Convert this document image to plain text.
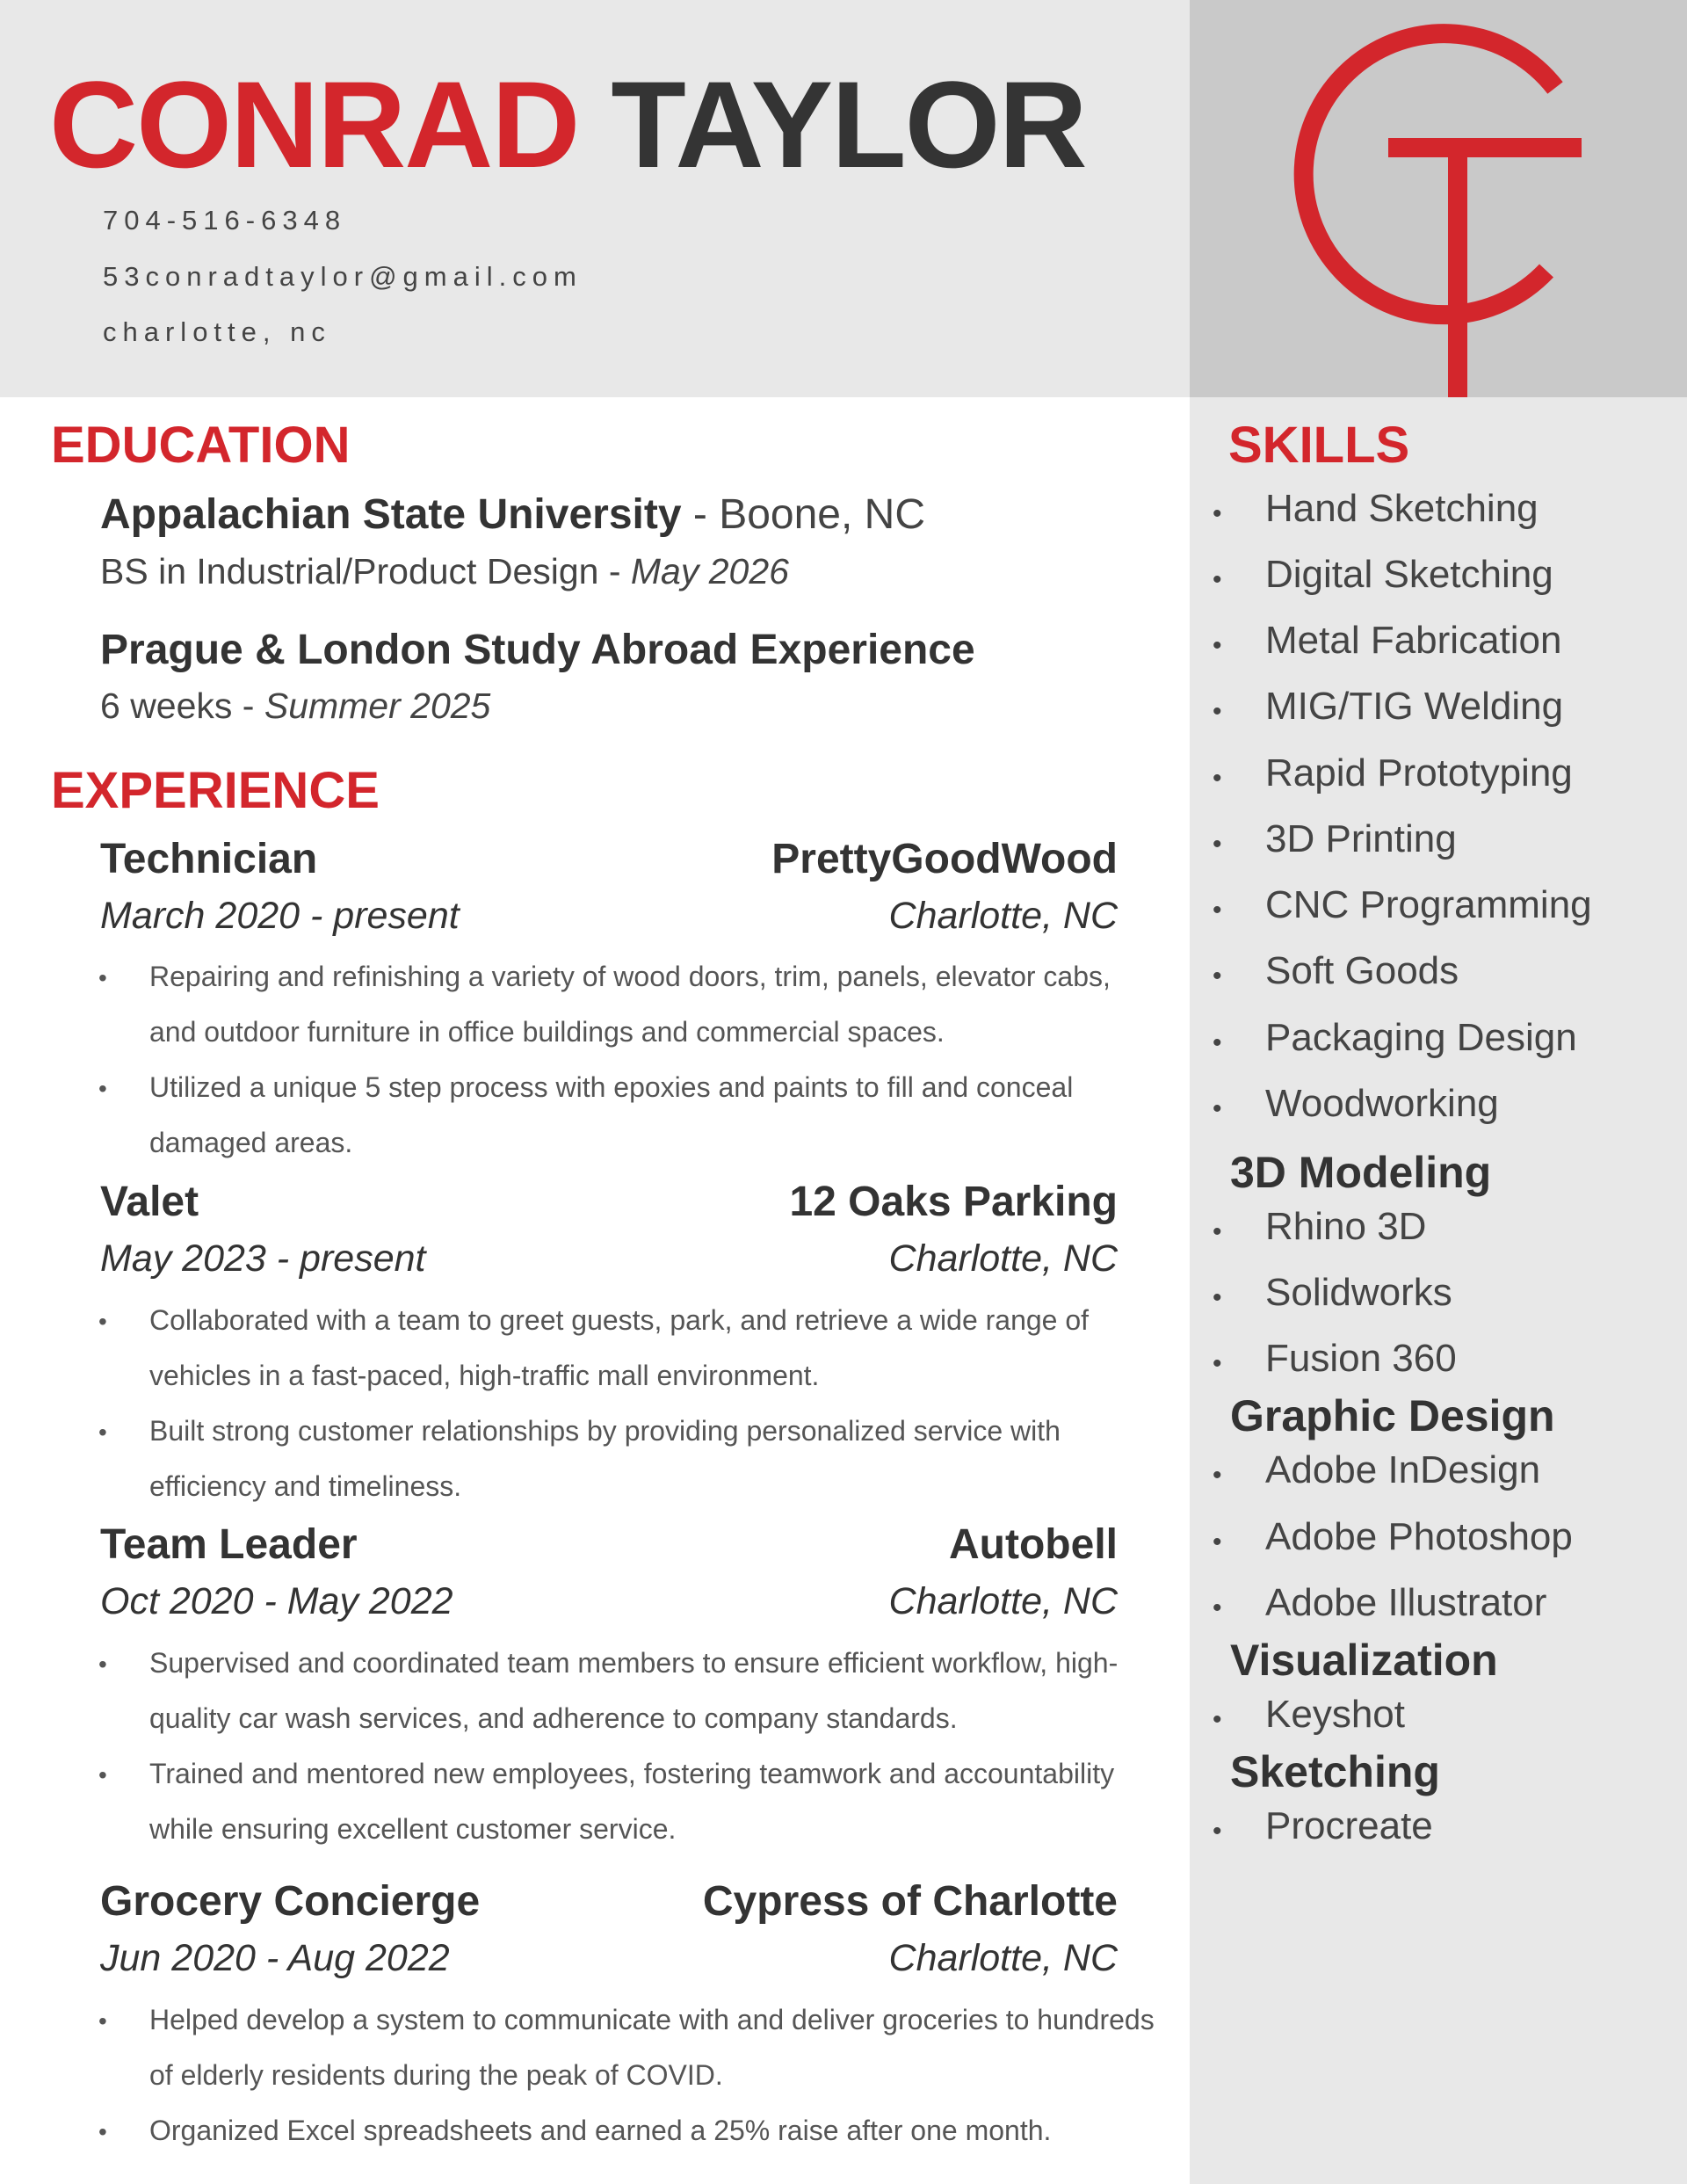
CONRAD TAYLOR
704-516-6348
53conradtaylor@gmail.com
charlotte, nc
EDUCATION
Appalachian State University - Boone, NC
BS in Industrial/Product Design - May 2026
Prague & London Study Abroad Experience
6 weeks - Summer 2025
EXPERIENCE
Technician	PrettyGoodWood
March 2020 - present	Charlotte, NC
• Repairing and refinishing a variety of wood doors, trim, panels, elevator cabs, and outdoor furniture in office buildings and commercial spaces.
• Utilized a unique 5 step process with epoxies and paints to fill and conceal damaged areas.
Valet	12 Oaks Parking
May 2023 - present	Charlotte, NC
• Collaborated with a team to greet guests, park, and retrieve a wide range of vehicles in a fast-paced, high-traffic mall environment.
• Built strong customer relationships by providing personalized service with efficiency and timeliness.
Team Leader	Autobell
Oct 2020 - May 2022	Charlotte, NC
• Supervised and coordinated team members to ensure efficient workflow, high-quality car wash services, and adherence to company standards.
• Trained and mentored new employees, fostering teamwork and accountability while ensuring excellent customer service.
Grocery Concierge	Cypress of Charlotte
Jun 2020 - Aug 2022	Charlotte, NC
• Helped develop a system to communicate with and deliver groceries to hundreds of elderly residents during the peak of COVID.
• Organized Excel spreadsheets and earned a 25% raise after one month.
SKILLS
• Hand Sketching
• Digital Sketching
• Metal Fabrication
• MIG/TIG Welding
• Rapid Prototyping
• 3D Printing
• CNC Programming
• Soft Goods
• Packaging Design
• Woodworking
3D Modeling
• Rhino 3D
• Solidworks
• Fusion 360
Graphic Design
• Adobe InDesign
• Adobe Photoshop
• Adobe Illustrator
Visualization
• Keyshot
Sketching
• Procreate
